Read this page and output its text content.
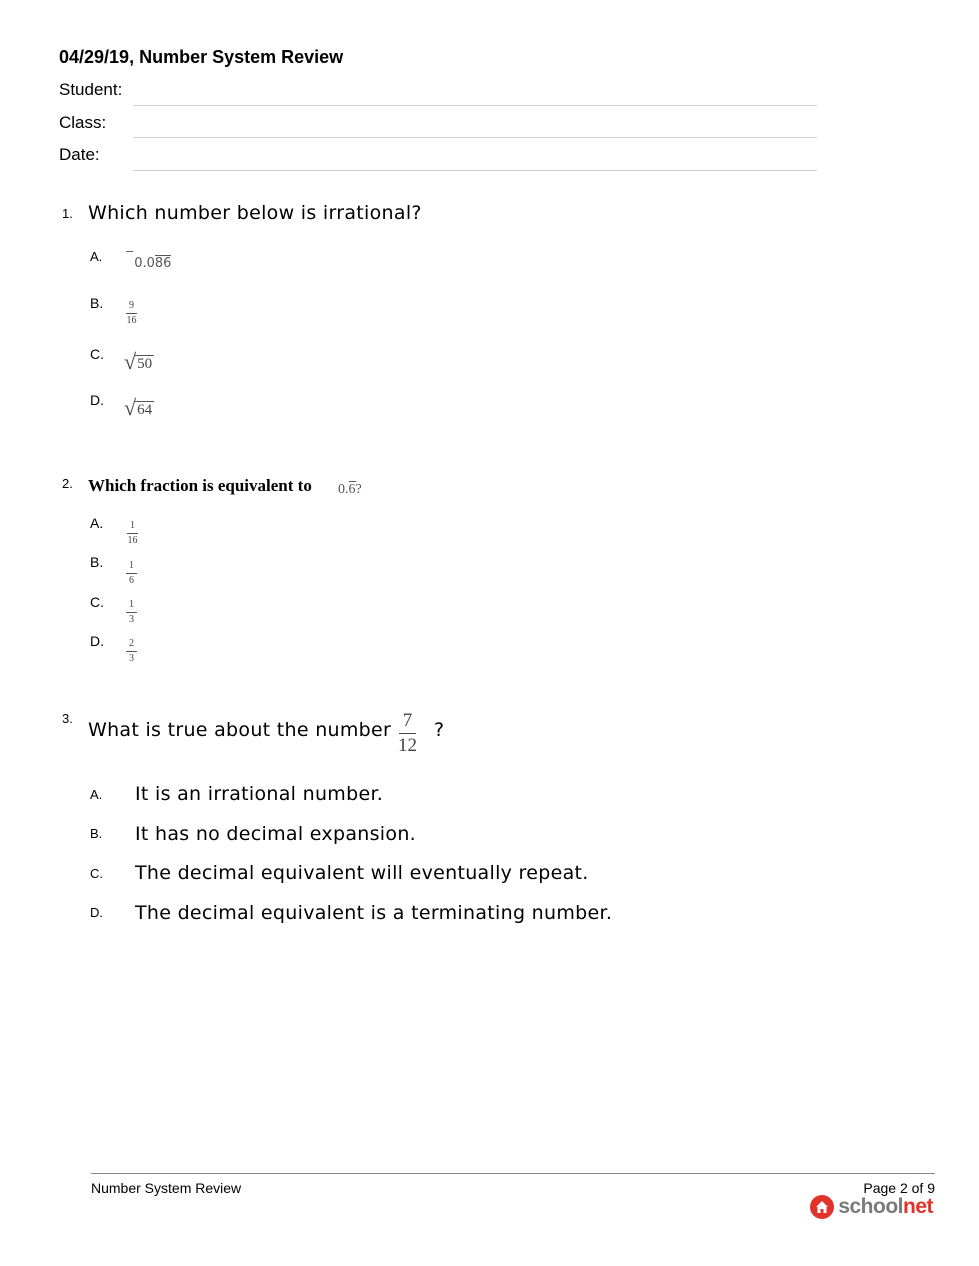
04/29/19, Number System Review
Student:
Class:
Date:
1. Which number below is irrational?
A. −0.086
B. $\frac{9}{16}$
C. √ 50
D. √ 64
2. Which fraction is equivalent to 0.6?
A. $\frac{1}{16}$
B. $\frac{1}{6}$
C. $\frac{1}{3}$
D. $\frac{2}{3}$
3.
What is true about the number $\frac{7}{12}$ ?
A. It is an irrational number.
B. It has no decimal expansion.
C. The decimal equivalent will eventually repeat.
D. The decimal equivalent is a terminating number.
Number System Review	Page 2 of 9
schoolnet
